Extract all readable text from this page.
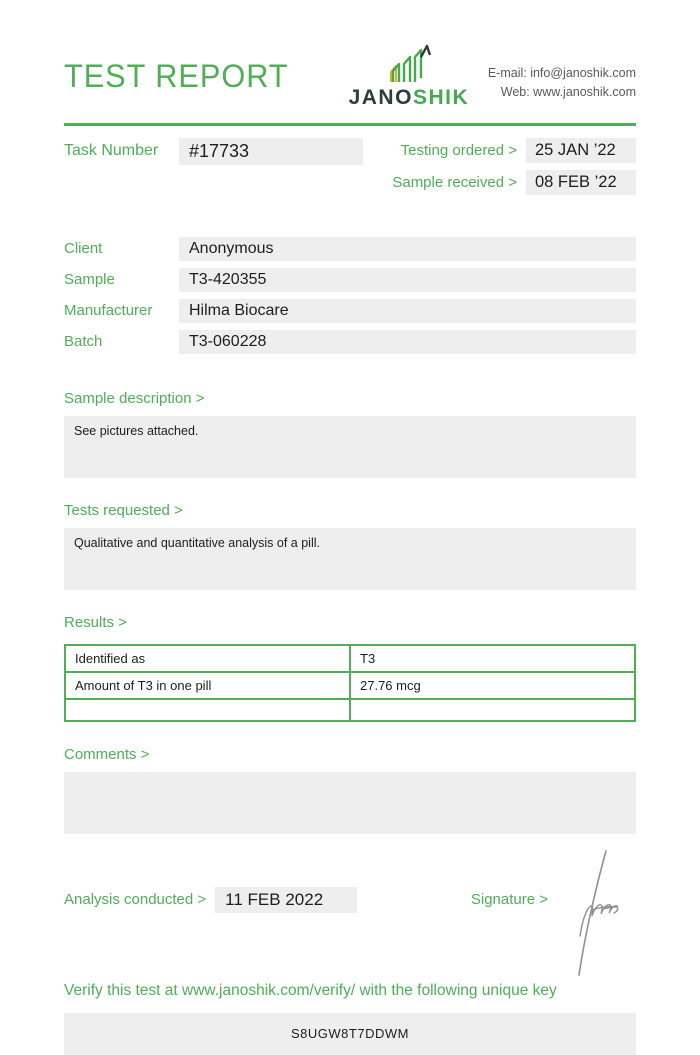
TEST REPORT
JANOSHIK
E-mail: info@janoshik.com
Web: www.janoshik.com
Task Number	#17733	Testing ordered >	25 JAN ’22
Sample received >	08 FEB ’22
Client	Anonymous
Sample	T3-420355
Manufacturer	Hilma Biocare
Batch	T3-060228
Sample description >
See pictures attached.
Tests requested >
Qualitative and quantitative analysis of a pill.
Results >
Identified as	T3
Amount of T3 in one pill	27.76 mcg

Comments >
Analysis conducted >	11 FEB 2022	Signature >
Verify this test at www.janoshik.com/verify/ with the following unique key
S8UGW8T7DDWM
